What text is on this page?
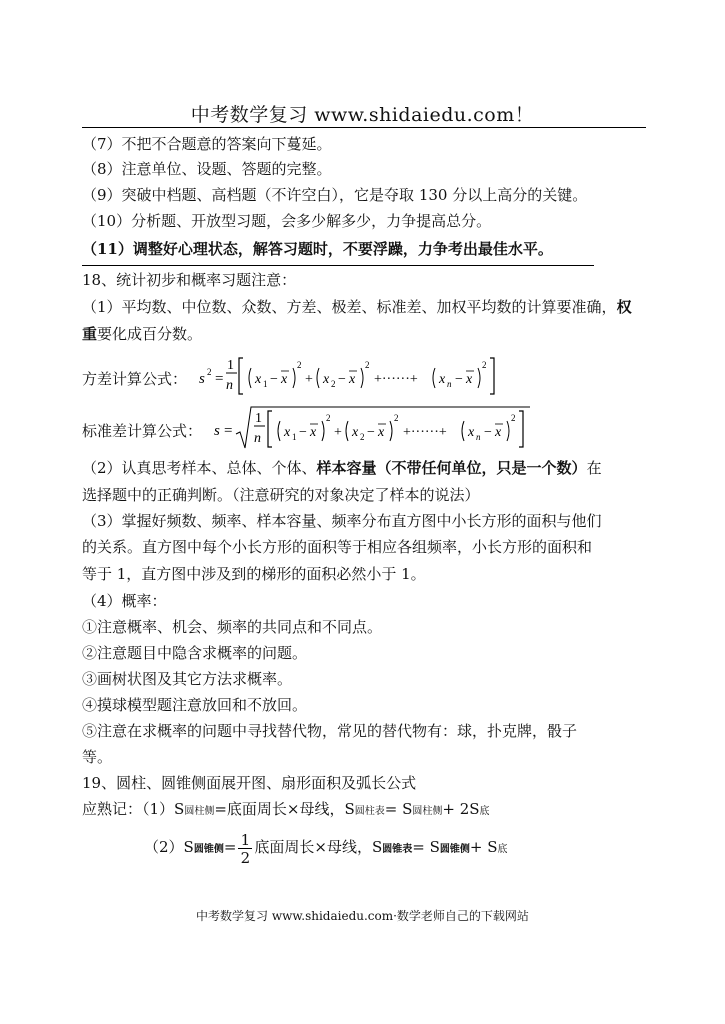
中考数学复习 www.shidaiedu.com！
（7）不把不合题意的答案向下蔓延。
（8）注意单位、设题、答题的完整。
（9）突破中档题、高档题（不许空白），它是夺取 130 分以上高分的关键。
（10）分析题、开放型习题，会多少解多少，力争提高总分。
（11）调整好心理状态，解答习题时，不要浮躁，力争考出最佳水平。
18、统计初步和概率习题注意：
（1）平均数、中位数、众数、方差、极差、标准差、加权平均数的计算要准确，权
重要化成百分数。
方差计算公式： s 2 =
1
n x 1 − x
2
+ x 2 − x
2
+······+ x n − x
2
标准差计算公式： s =
1
n x 1 − x
2
+ x 2 − x
2
+······+ x n − x
2
（2）认真思考样本、总体、个体、样本容量（不带任何单位，只是一个数）在
选择题中的正确判断。（注意研究的对象决定了样本的说法）
（3）掌握好频数、频率、样本容量、频率分布直方图中小长方形的面积与他们
的关系。直方图中每个小长方形的面积等于相应各组频率，小长方形的面积和
等于 1，直方图中涉及到的梯形的面积必然小于 1。
（4）概率：
①注意概率、机会、频率的共同点和不同点。
②注意题目中隐含求概率的问题。
③画树状图及其它方法求概率。
④摸球模型题注意放回和不放回。
⑤注意在求概率的问题中寻找替代物，常见的替代物有：球，扑克牌，骰子
等。
19、圆柱、圆锥侧面展开图、扇形面积及弧长公式
应熟记：（1）S圆柱侧=底面周长×母线，S圆柱表= S圆柱侧+ 2S底
$(2)S_{圆锥侧}= \frac{1}{2}$ 底面周长×母线，$S_{圆锥表}= S_{圆锥侧}+ S_底$
中考数学复习 www.shidaiedu.com·数学老师自己的下载网站
